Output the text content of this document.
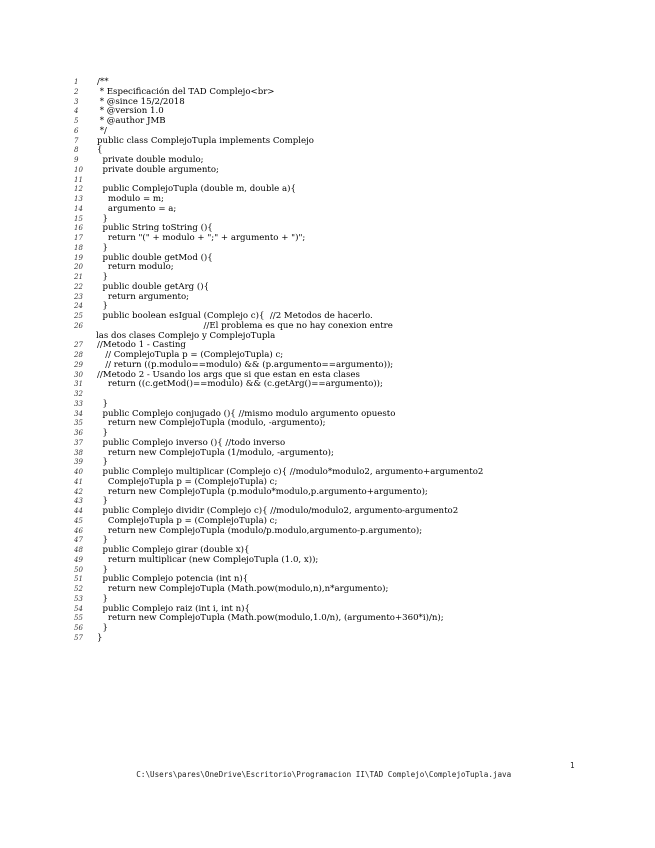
1	/**
2	* Especificación del TAD Complejo<br>
3	* @since 15/2/2018
4	* @version 1.0
5	* @author JMB
6	*/
7	public class ComplejoTupla implements Complejo
8	{
9	private double modulo;
10	private double argumento;
11
12	public ComplejoTupla (double m, double a){
13	modulo = m;
14	argumento = a;
15	}
16	public String toString (){
17	return "(" + modulo + ";" + argumento + ")";
18	}
19	public double getMod (){
20	return modulo;
21	}
22	public double getArg (){
23	return argumento;
24	}
25	public boolean esIgual (Complejo c){  //2 Metodos de hacerlo.
26	//El problema es que no hay conexion entre
las dos clases Complejo y ComplejoTupla
27	//Metodo 1 - Casting
28	// ComplejoTupla p = (ComplejoTupla) c;
29	// return ((p.modulo==modulo) && (p.argumento==argumento));
30	//Metodo 2 - Usando los args que si que estan en esta clases
31	return ((c.getMod()==modulo) && (c.getArg()==argumento));
32
33	}
34	public Complejo conjugado (){ //mismo modulo argumento opuesto
35	return new ComplejoTupla (modulo, -argumento);
36	}
37	public Complejo inverso (){ //todo inverso
38	return new ComplejoTupla (1/modulo, -argumento);
39	}
40	public Complejo multiplicar (Complejo c){ //modulo*modulo2, argumento+argumento2
41	ComplejoTupla p = (ComplejoTupla) c;
42	return new ComplejoTupla (p.modulo*modulo,p.argumento+argumento);
43	}
44	public Complejo dividir (Complejo c){ //modulo/modulo2, argumento-argumento2
45	ComplejoTupla p = (ComplejoTupla) c;
46	return new ComplejoTupla (modulo/p.modulo,argumento-p.argumento);
47	}
48	public Complejo girar (double x){
49	return multiplicar (new ComplejoTupla (1.0, x));
50	}
51	public Complejo potencia (int n){
52	return new ComplejoTupla (Math.pow(modulo,n),n*argumento);
53	}
54	public Complejo raiz (int i, int n){
55	return new ComplejoTupla (Math.pow(modulo,1.0/n), (argumento+360*i)/n);
56	}
57	}

C:\Users\pares\OneDrive\Escritorio\Programacion II\TAD Complejo\ComplejoTupla.java

1
